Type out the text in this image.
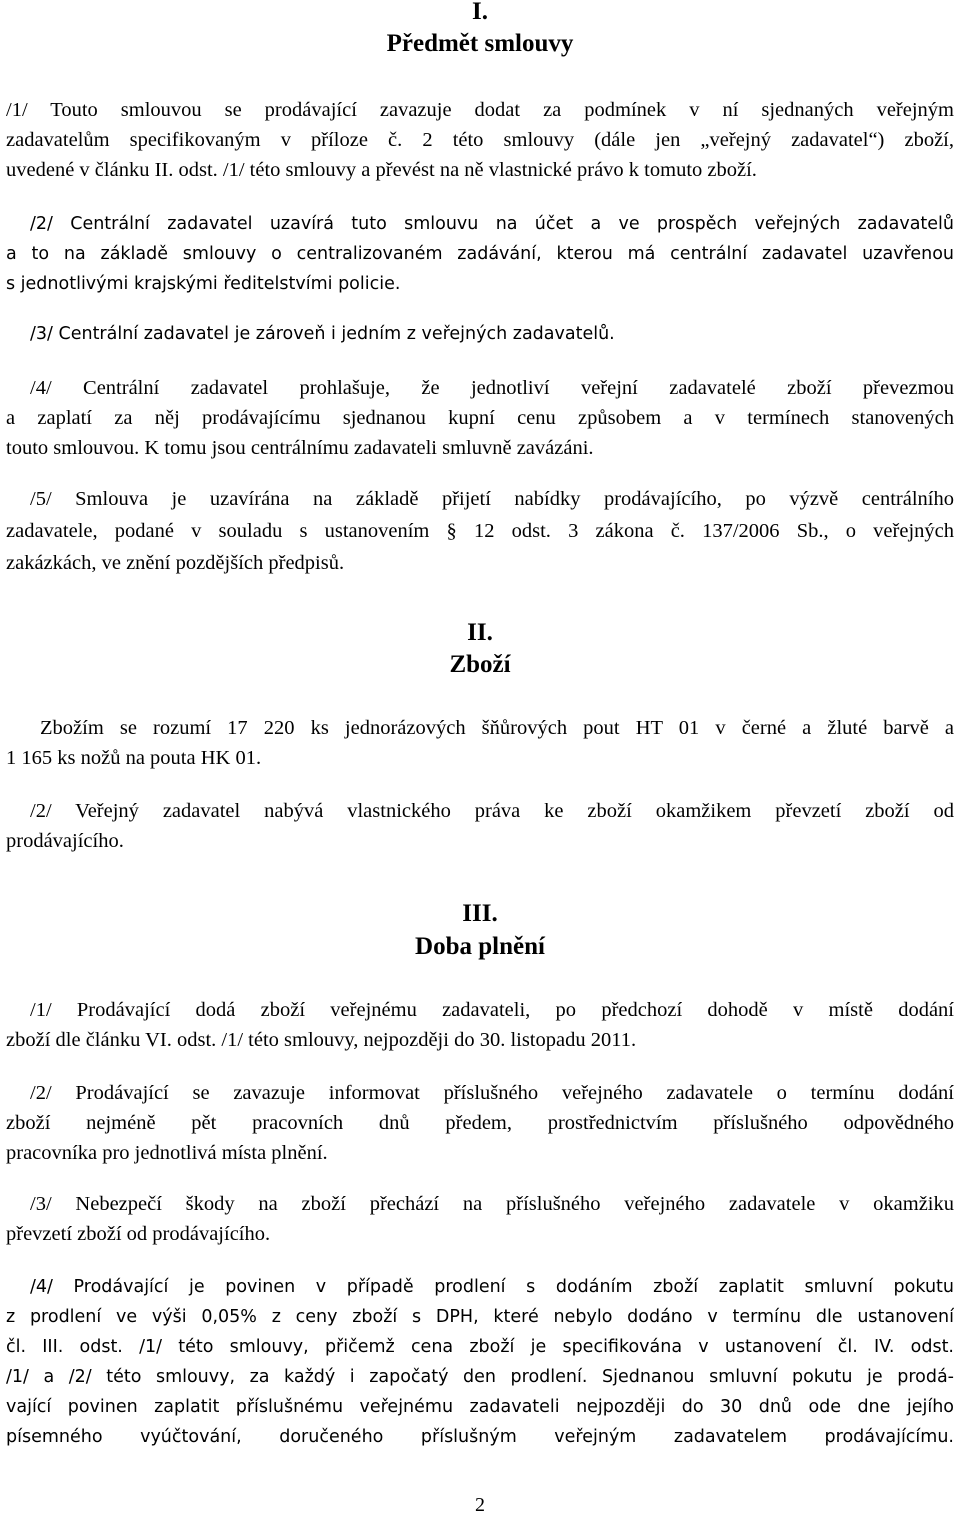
I.
Předmět smlouvy
/1/ Touto smlouvou se prodávající zavazuje dodat za podmínek v ní sjednaných veřejným
zadavatelům specifikovaným v příloze č. 2 této smlouvy (dále jen „veřejný zadavatel“) zboží,
uvedené v článku II. odst. /1/ této smlouvy a převést na ně vlastnické právo k tomuto zboží.
/2/ Centrální zadavatel uzavírá tuto smlouvu na účet a ve prospěch veřejných zadavatelů
a to na základě smlouvy o centralizovaném zadávání, kterou má centrální zadavatel uzavřenou
s jednotlivými krajskými ředitelstvími policie.
/3/ Centrální zadavatel je zároveň i jedním z veřejných zadavatelů.
/4/ Centrální zadavatel prohlašuje, že jednotliví veřejní zadavatelé zboží převezmou
a zaplatí za něj prodávajícímu sjednanou kupní cenu způsobem a v termínech stanovených
touto smlouvou. K tomu jsou centrálnímu zadavateli smluvně zavázáni.
/5/ Smlouva je uzavírána na základě přijetí nabídky prodávajícího, po výzvě centrálního
zadavatele, podané v souladu s ustanovením § 12 odst. 3 zákona č. 137/2006 Sb., o veřejných
zakázkách, ve znění pozdějších předpisů.
II.
Zboží
Zbožím se rozumí 17 220 ks jednorázových šňůrových pout HT 01 v černé a žluté barvě a
1 165 ks nožů na pouta HK 01.
/2/ Veřejný zadavatel nabývá vlastnického práva ke zboží okamžikem převzetí zboží od
prodávajícího.
III.
Doba plnění
/1/ Prodávající dodá zboží veřejnému zadavateli, po předchozí dohodě v místě dodání
zboží dle článku VI. odst. /1/ této smlouvy, nejpozději do 30. listopadu 2011.
/2/ Prodávající se zavazuje informovat příslušného veřejného zadavatele o termínu dodání
zboží nejméně pět pracovních dnů předem, prostřednictvím příslušného odpovědného
pracovníka pro jednotlivá místa plnění.
/3/ Nebezpečí škody na zboží přechází na příslušného veřejného zadavatele v okamžiku
převzetí zboží od prodávajícího.
/4/ Prodávající je povinen v případě prodlení s dodáním zboží zaplatit smluvní pokutu
z prodlení ve výši 0,05% z ceny zboží s DPH, které nebylo dodáno v termínu dle ustanovení
čl. III. odst. /1/ této smlouvy, přičemž cena zboží je specifikována v ustanovení čl. IV. odst.
/1/ a /2/ této smlouvy, za každý i započatý den prodlení. Sjednanou smluvní pokutu je prodá-
vající povinen zaplatit příslušnému veřejnému zadavateli nejpozději do 30 dnů ode dne jejího
písemného vyúčtování, doručeného příslušným veřejným zadavatelem prodávajícímu.
2
